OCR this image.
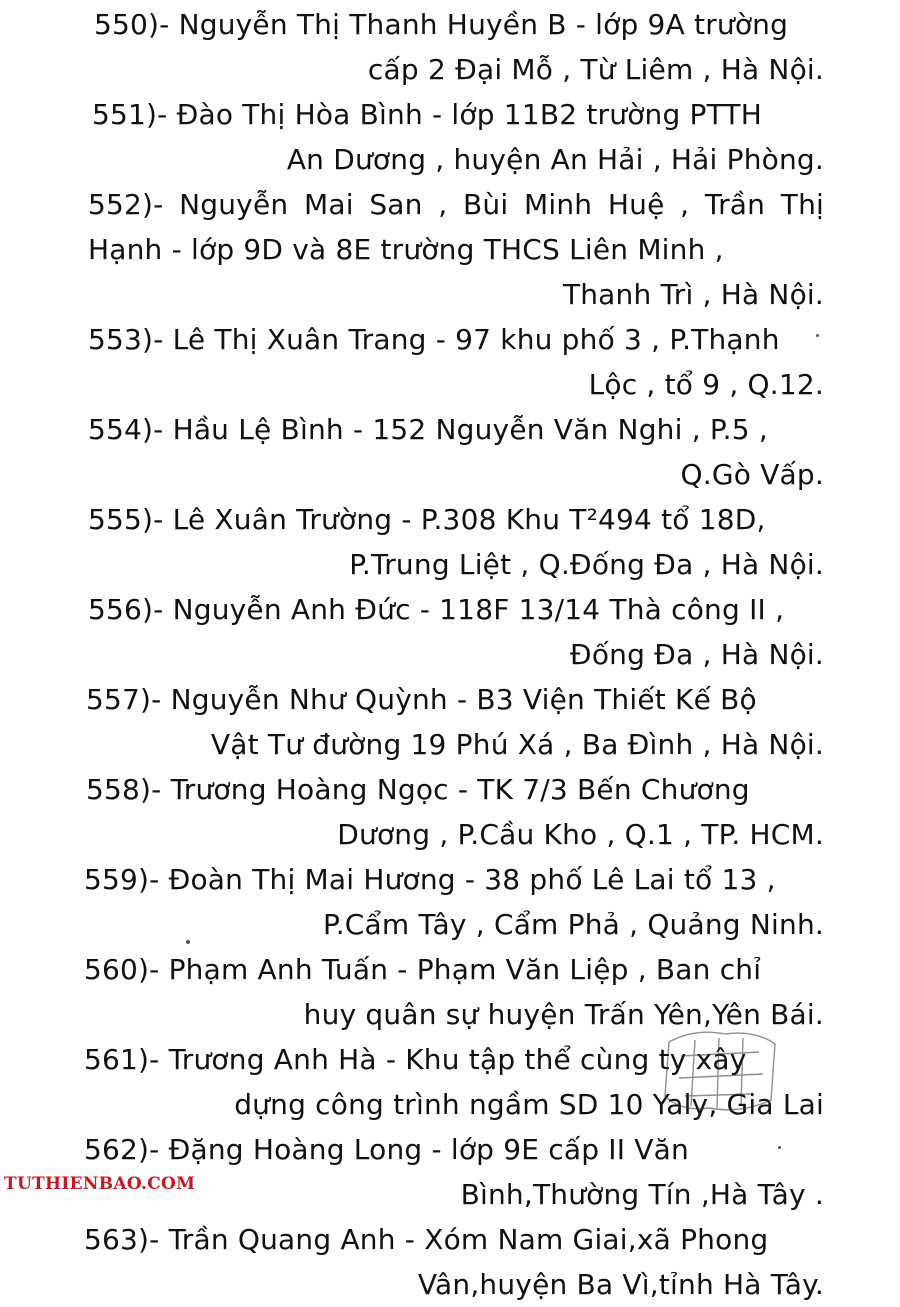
550)- Nguyễn Thị Thanh Huyền B - lớp 9A trường
cấp 2 Đại Mỗ , Từ Liêm , Hà Nội.
551)- Đào Thị Hòa Bình - lớp 11B2 trường PTTH
An Dương , huyện An Hải , Hải Phòng.
552)- Nguyễn Mai San , Bùi Minh Huệ , Trần Thị
Hạnh - lớp 9D và 8E trường THCS Liên Minh ,
Thanh Trì , Hà Nội.
553)- Lê Thị Xuân Trang - 97 khu phố 3 , P.Thạnh
Lộc , tổ 9 , Q.12.
554)- Hầu Lệ Bình - 152 Nguyễn Văn Nghi , P.5 ,
Q.Gò Vấp.
555)- Lê Xuân Trường - P.308 Khu T²494 tổ 18D,
P.Trung Liệt , Q.Đống Đa , Hà Nội.
556)- Nguyễn Anh Đức - 118F 13/14 Thà công II ,
Đống Đa , Hà Nội.
557)- Nguyễn Như Quỳnh - B3 Viện Thiết Kế Bộ
Vật Tư đường 19 Phú Xá , Ba Đình , Hà Nội.
558)- Trương Hoàng Ngọc - TK 7/3 Bến Chương
Dương , P.Cầu Kho , Q.1 , TP. HCM.
559)- Đoàn Thị Mai Hương - 38 phố Lê Lai tổ 13 ,
P.Cẩm Tây , Cẩm Phả , Quảng Ninh.
560)- Phạm Anh Tuấn - Phạm Văn Liệp , Ban chỉ
huy quân sự huyện Trấn Yên,Yên Bái.
561)- Trương Anh Hà - Khu tập thể cùng ty xây
dựng công trình ngầm SD 10 Yaly, Gia Lai
562)- Đặng Hoàng Long - lớp 9E cấp II Văn
Bình,Thường Tín ,Hà Tây .
563)- Trần Quang Anh - Xóm Nam Giai,xã Phong
Vân,huyện Ba Vì,tỉnh Hà Tây.
TUTHIENBAO.COM
